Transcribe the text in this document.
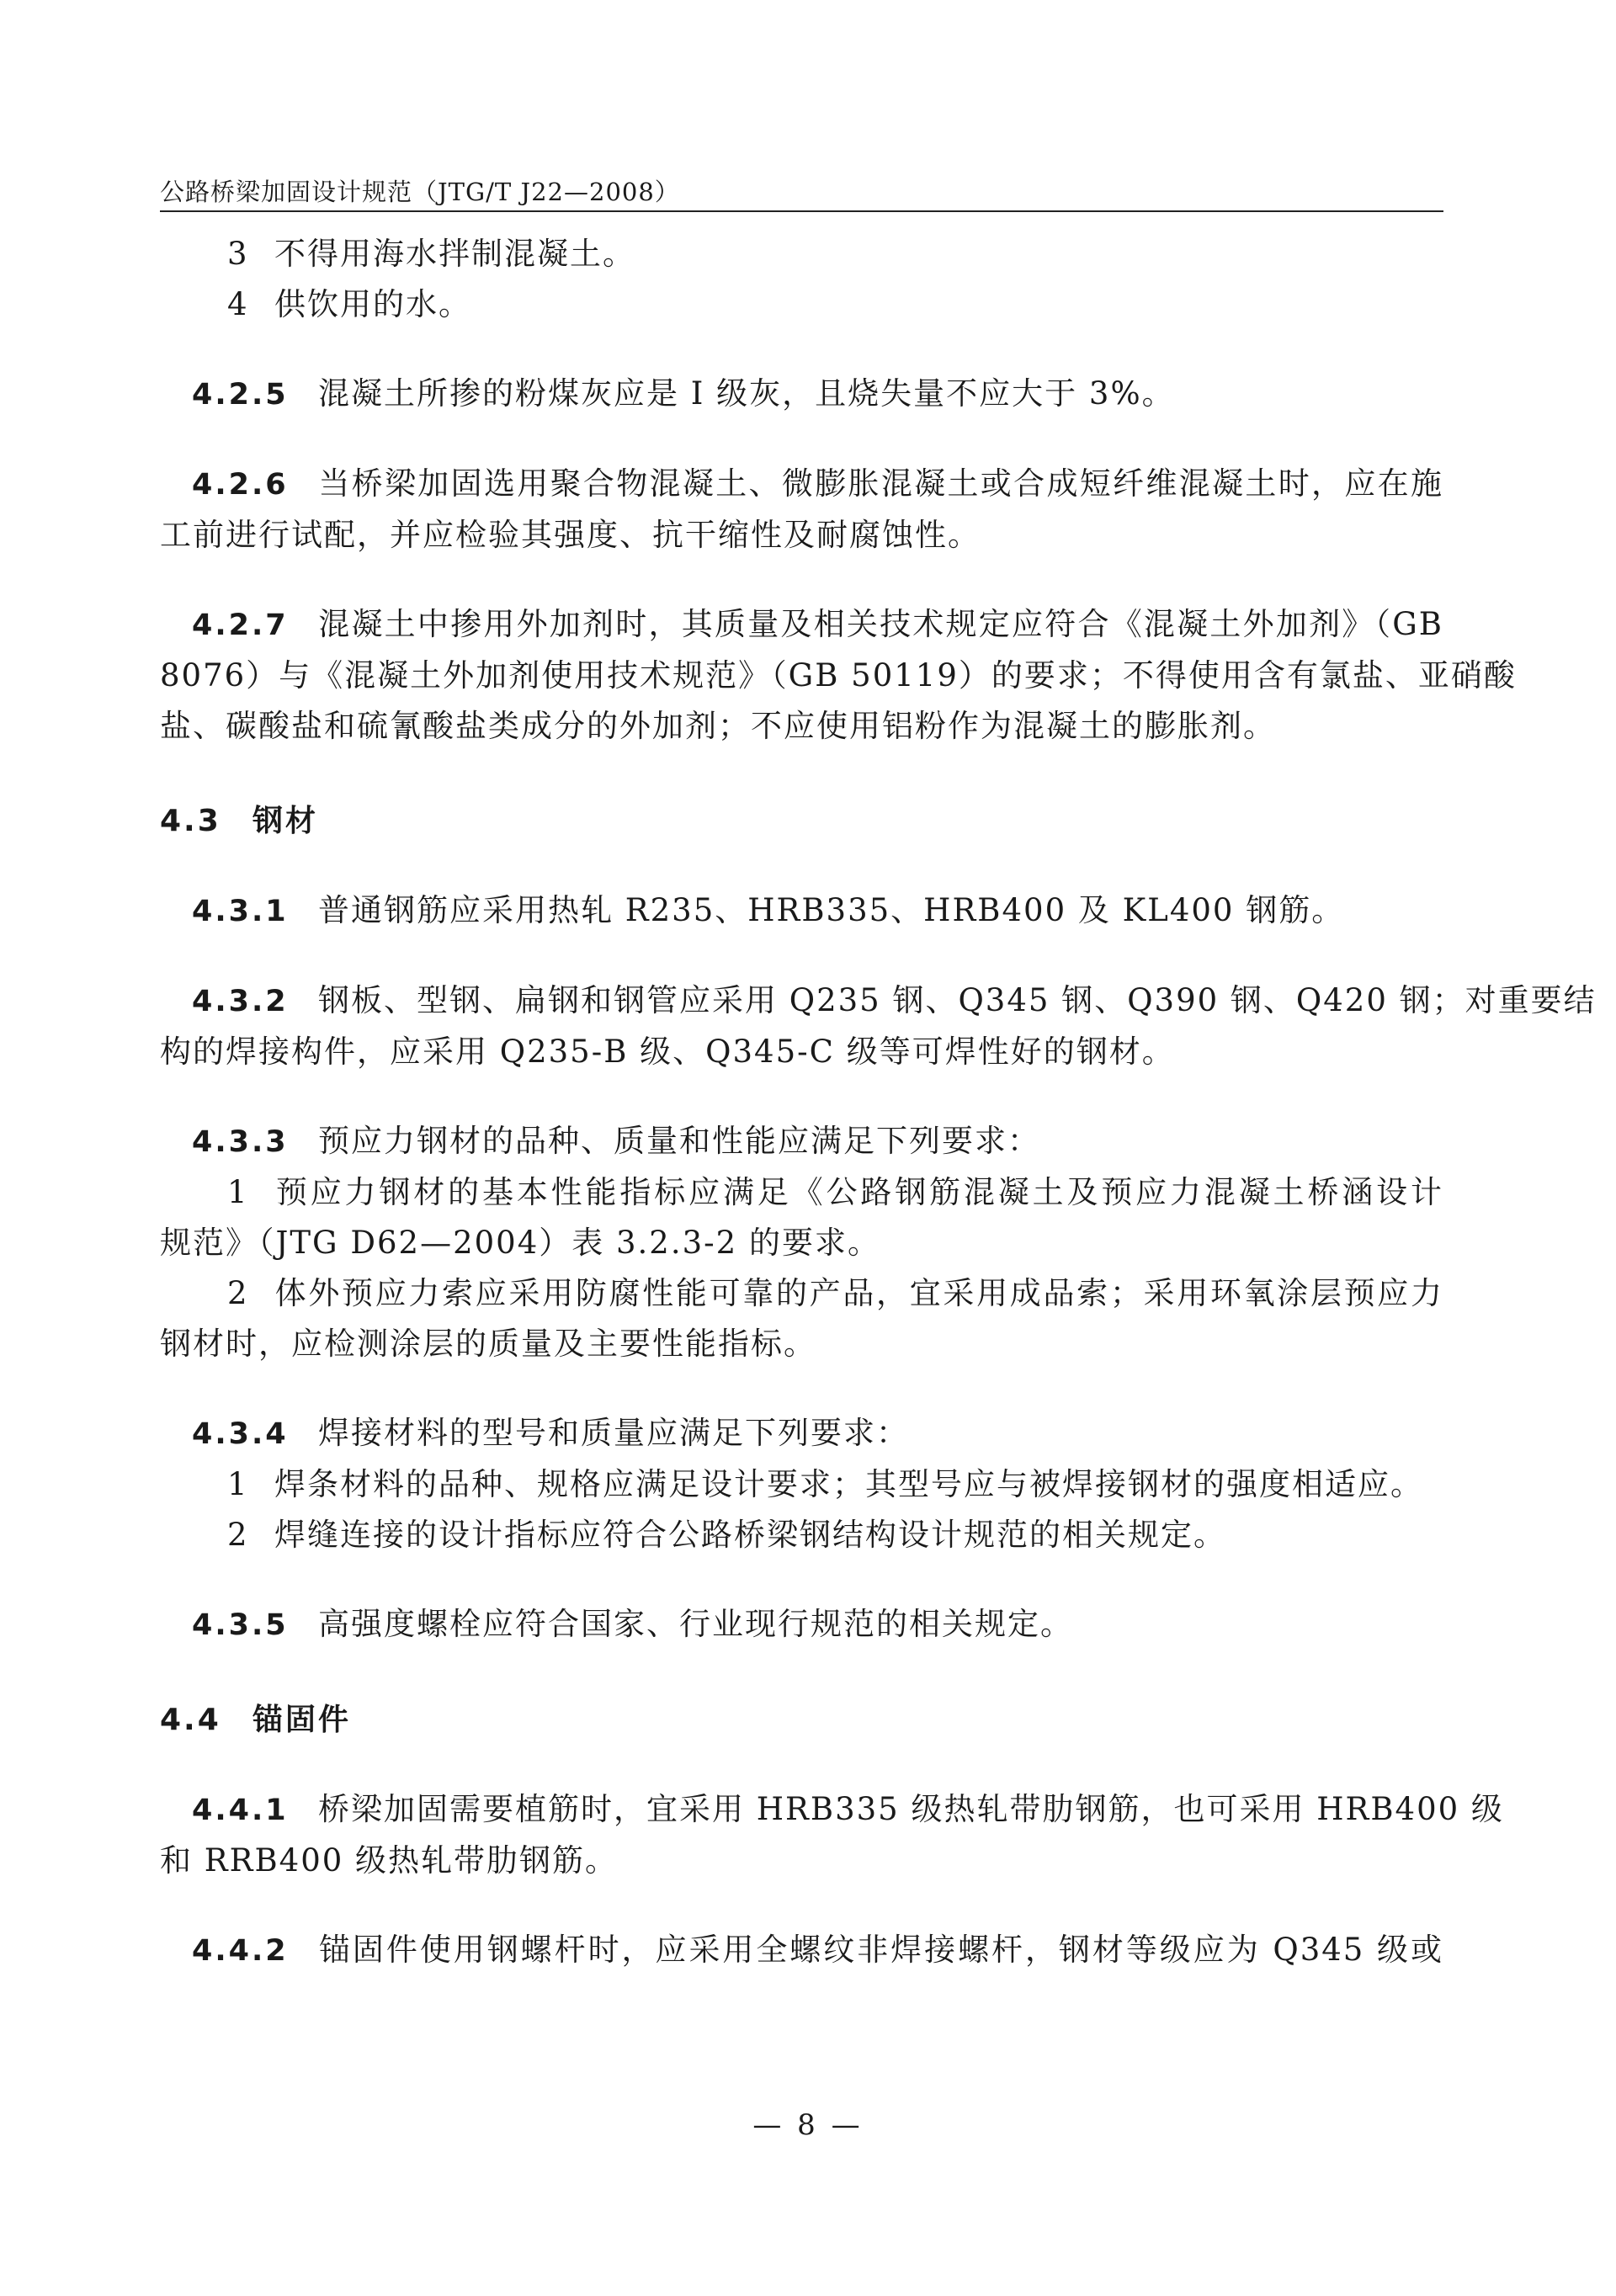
公路桥梁加固设计规范（JTG/T J22—2008）

3 不得用海水拌制混凝土。

4 供饮用的水。

4.2.5 混凝土所掺的粉煤灰应是 I 级灰，且烧失量不应大于 3%。

4.2.6 当桥梁加固选用聚合物混凝土、微膨胀混凝土或合成短纤维混凝土时，应在施

工前进行试配，并应检验其强度、抗干缩性及耐腐蚀性。

4.2.7 混凝土中掺用外加剂时，其质量及相关技术规定应符合《混凝土外加剂》（GB

8076）与《混凝土外加剂使用技术规范》（GB 50119）的要求；不得使用含有氯盐、亚硝酸

盐、碳酸盐和硫氰酸盐类成分的外加剂；不应使用铝粉作为混凝土的膨胀剂。

4.3 钢材

4.3.1 普通钢筋应采用热轧 R235、HRB335、HRB400 及 KL400 钢筋。

4.3.2 钢板、型钢、扁钢和钢管应采用 Q235 钢、Q345 钢、Q390 钢、Q420 钢；对重要结

构的焊接构件，应采用 Q235-B 级、Q345-C 级等可焊性好的钢材。

4.3.3 预应力钢材的品种、质量和性能应满足下列要求：

1 预应力钢材的基本性能指标应满足《公路钢筋混凝土及预应力混凝土桥涵设计

规范》（JTG D62—2004）表 3.2.3-2 的要求。

2 体外预应力索应采用防腐性能可靠的产品，宜采用成品索；采用环氧涂层预应力

钢材时，应检测涂层的质量及主要性能指标。

4.3.4 焊接材料的型号和质量应满足下列要求：

1 焊条材料的品种、规格应满足设计要求；其型号应与被焊接钢材的强度相适应。

2 焊缝连接的设计指标应符合公路桥梁钢结构设计规范的相关规定。

4.3.5 高强度螺栓应符合国家、行业现行规范的相关规定。

4.4 锚固件

4.4.1 桥梁加固需要植筋时，宜采用 HRB335 级热轧带肋钢筋，也可采用 HRB400 级

和 RRB400 级热轧带肋钢筋。

4.4.2 锚固件使用钢螺杆时，应采用全螺纹非焊接螺杆，钢材等级应为 Q345 级或

— 8 —
